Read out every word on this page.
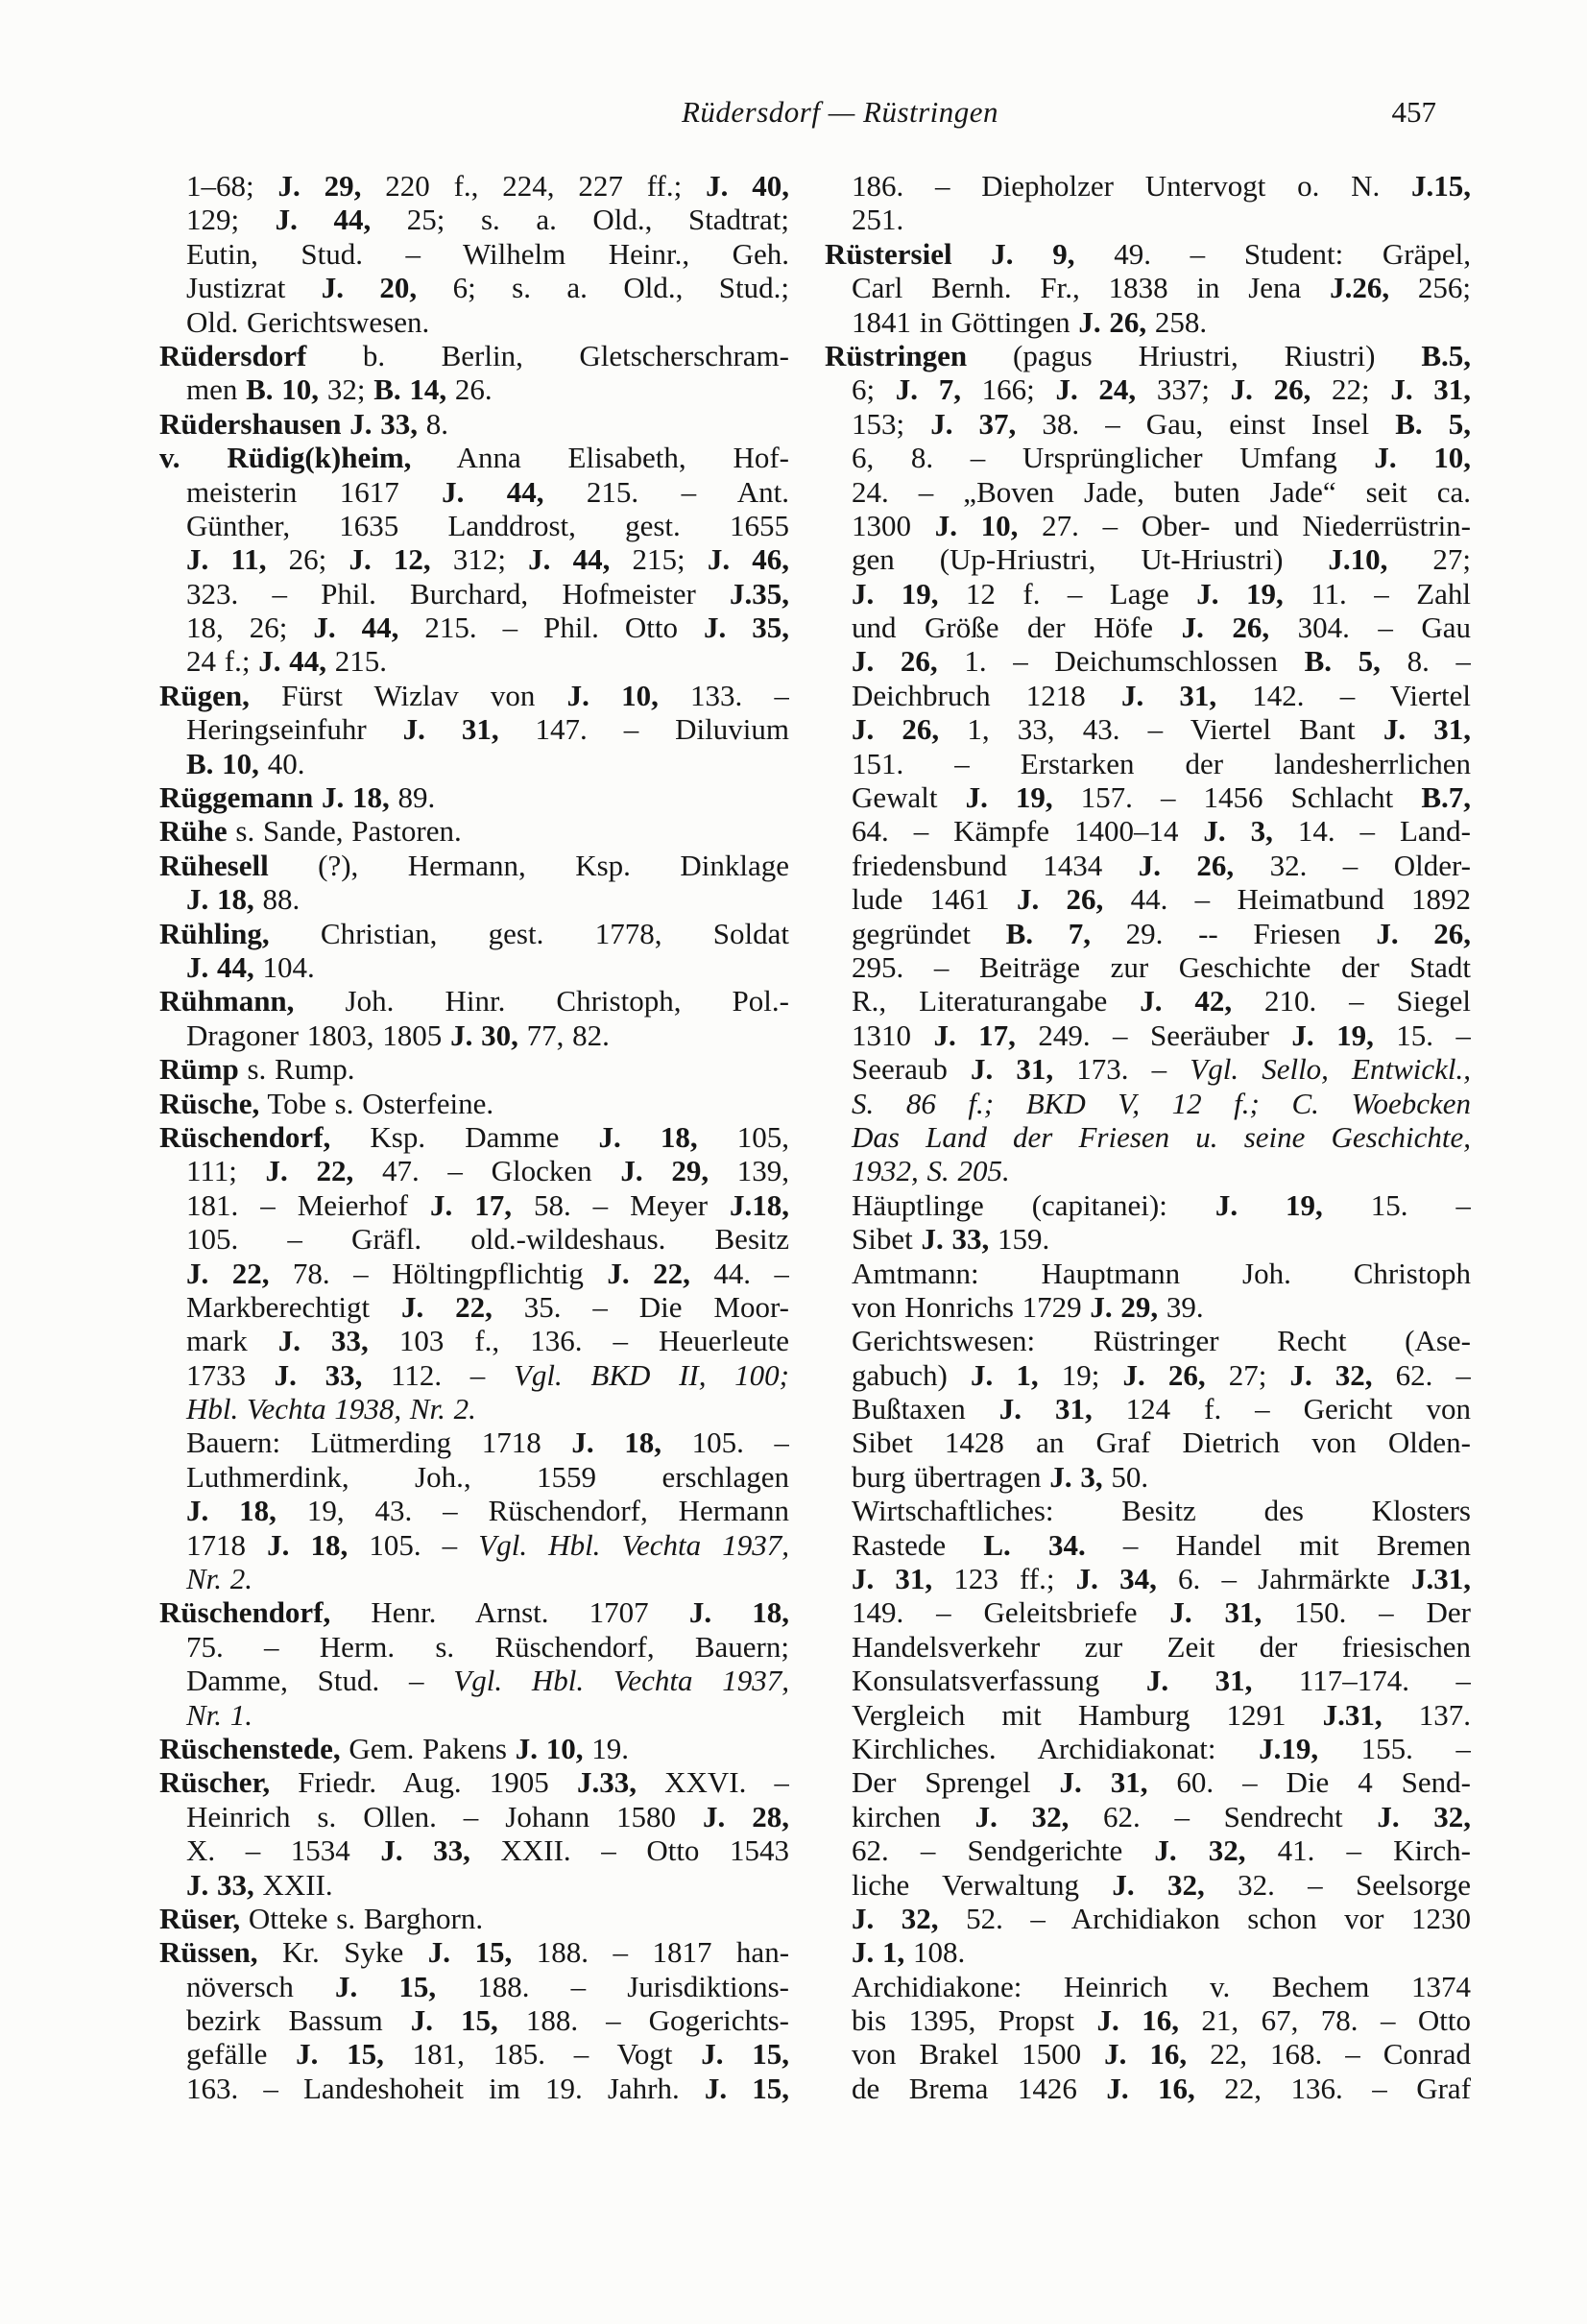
Rüdersdorf — Rüstringen	457
1–68; J. 29, 220 f., 224, 227 ff.; J. 40,
129; J. 44, 25; s. a. Old., Stadtrat;
Eutin, Stud. – Wilhelm Heinr., Geh.
Justizrat J. 20, 6; s. a. Old., Stud.;
Old. Gerichtswesen.
Rüdersdorf b. Berlin, Gletscherschram-
men B. 10, 32; B. 14, 26.
Rüdershausen J. 33, 8.
v. Rüdig(k)heim, Anna Elisabeth, Hof-
meisterin 1617 J. 44, 215. – Ant.
Günther, 1635 Landdrost, gest. 1655
J. 11, 26; J. 12, 312; J. 44, 215; J. 46,
323. – Phil. Burchard, Hofmeister J.35,
18, 26; J. 44, 215. – Phil. Otto J. 35,
24 f.; J. 44, 215.
Rügen, Fürst Wizlav von J. 10, 133. –
Heringseinfuhr J. 31, 147. – Diluvium
B. 10, 40.
Rüggemann J. 18, 89.
Rühe s. Sande, Pastoren.
Rühesell (?), Hermann, Ksp. Dinklage
J. 18, 88.
Rühling, Christian, gest. 1778, Soldat
J. 44, 104.
Rühmann, Joh. Hinr. Christoph, Pol.-
Dragoner 1803, 1805 J. 30, 77, 82.
Rümp s. Rump.
Rüsche, Tobe s. Osterfeine.
Rüschendorf, Ksp. Damme J. 18, 105,
111; J. 22, 47. – Glocken J. 29, 139,
181. – Meierhof J. 17, 58. – Meyer J.18,
105. – Gräfl. old.-wildeshaus. Besitz
J. 22, 78. – Höltingpflichtig J. 22, 44. –
Markberechtigt J. 22, 35. – Die Moor-
mark J. 33, 103 f., 136. – Heuerleute
1733 J. 33, 112. – Vgl. BKD II, 100;
Hbl. Vechta 1938, Nr. 2.
Bauern: Lütmerding 1718 J. 18, 105. –
Luthmerdink, Joh., 1559 erschlagen
J. 18, 19, 43. – Rüschendorf, Hermann
1718 J. 18, 105. – Vgl. Hbl. Vechta 1937,
Nr. 2.
Rüschendorf, Henr. Arnst. 1707 J. 18,
75. – Herm. s. Rüschendorf, Bauern;
Damme, Stud. – Vgl. Hbl. Vechta 1937,
Nr. 1.
Rüschenstede, Gem. Pakens J. 10, 19.
Rüscher, Friedr. Aug. 1905 J.33, XXVI. –
Heinrich s. Ollen. – Johann 1580 J. 28,
X. – 1534 J. 33, XXII. – Otto 1543
J. 33, XXII.
Rüser, Otteke s. Barghorn.
Rüssen, Kr. Syke J. 15, 188. – 1817 han-
növersch J. 15, 188. – Jurisdiktions-
bezirk Bassum J. 15, 188. – Gogerichts-
gefälle J. 15, 181, 185. – Vogt J. 15,
163. – Landeshoheit im 19. Jahrh. J. 15,
186. – Diepholzer Untervogt o. N. J.15,
251.
Rüstersiel J. 9, 49. – Student: Gräpel,
Carl Bernh. Fr., 1838 in Jena J.26, 256;
1841 in Göttingen J. 26, 258.
Rüstringen (pagus Hriustri, Riustri) B.5,
6; J. 7, 166; J. 24, 337; J. 26, 22; J. 31,
153; J. 37, 38. – Gau, einst Insel B. 5,
6, 8. – Ursprünglicher Umfang J. 10,
24. – „Boven Jade, buten Jade“ seit ca.
1300 J. 10, 27. – Ober- und Niederrüstrin-
gen (Up-Hriustri, Ut-Hriustri) J.10, 27;
J. 19, 12 f. – Lage J. 19, 11. – Zahl
und Größe der Höfe J. 26, 304. – Gau
J. 26, 1. – Deichumschlossen B. 5, 8. –
Deichbruch 1218 J. 31, 142. – Viertel
J. 26, 1, 33, 43. – Viertel Bant J. 31,
151. – Erstarken der landesherrlichen
Gewalt J. 19, 157. – 1456 Schlacht B.7,
64. – Kämpfe 1400–14 J. 3, 14. – Land-
friedensbund 1434 J. 26, 32. – Older-
lude 1461 J. 26, 44. – Heimatbund 1892
gegründet B. 7, 29. -- Friesen J. 26,
295. – Beiträge zur Geschichte der Stadt
R., Literaturangabe J. 42, 210. – Siegel
1310 J. 17, 249. – Seeräuber J. 19, 15. –
Seeraub J. 31, 173. – Vgl. Sello, Entwickl.,
S. 86 f.; BKD V, 12 f.; C. Woebcken
Das Land der Friesen u. seine Geschichte,
1932, S. 205.
Häuptlinge (capitanei): J. 19, 15. –
Sibet J. 33, 159.
Amtmann: Hauptmann Joh. Christoph
von Honrichs 1729 J. 29, 39.
Gerichtswesen: Rüstringer Recht (Ase-
gabuch) J. 1, 19; J. 26, 27; J. 32, 62. –
Bußtaxen J. 31, 124 f. – Gericht von
Sibet 1428 an Graf Dietrich von Olden-
burg übertragen J. 3, 50.
Wirtschaftliches: Besitz des Klosters
Rastede L. 34. – Handel mit Bremen
J. 31, 123 ff.; J. 34, 6. – Jahrmärkte J.31,
149. – Geleitsbriefe J. 31, 150. – Der
Handelsverkehr zur Zeit der friesischen
Konsulatsverfassung J. 31, 117–174. –
Vergleich mit Hamburg 1291 J.31, 137.
Kirchliches. Archidiakonat: J.19, 155. –
Der Sprengel J. 31, 60. – Die 4 Send-
kirchen J. 32, 62. – Sendrecht J. 32,
62. – Sendgerichte J. 32, 41. – Kirch-
liche Verwaltung J. 32, 32. – Seelsorge
J. 32, 52. – Archidiakon schon vor 1230
J. 1, 108.
Archidiakone: Heinrich v. Bechem 1374
bis 1395, Propst J. 16, 21, 67, 78. – Otto
von Brakel 1500 J. 16, 22, 168. – Conrad
de Brema 1426 J. 16, 22, 136. – Graf
